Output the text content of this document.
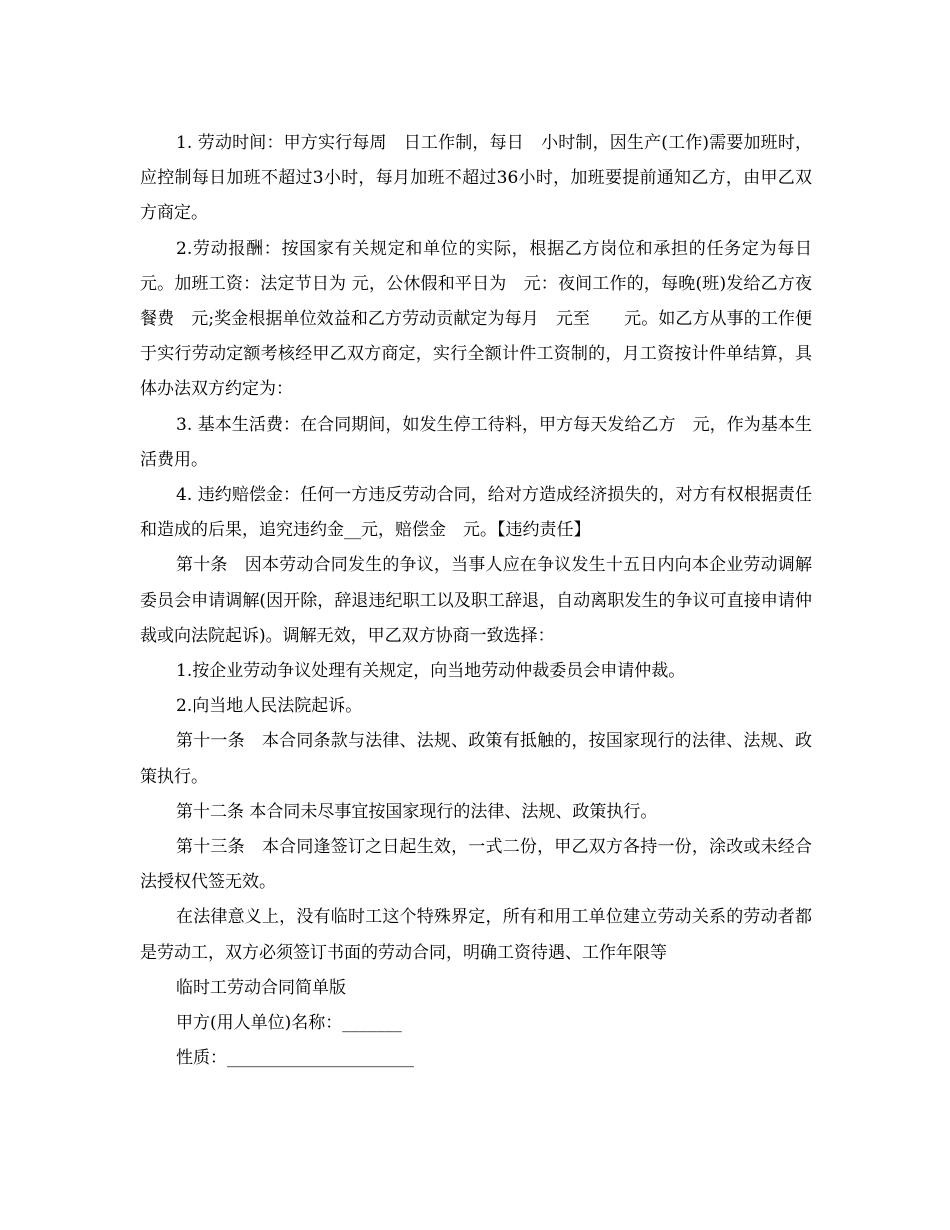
1. 劳动时间：甲方实行每周　日工作制，每日　小时制，因生产(工作)需要加班时，应控制每日加班不超过3小时，每月加班不超过36小时，加班要提前通知乙方，由甲乙双方商定。

2.劳动报酬：按国家有关规定和单位的实际，根据乙方岗位和承担的任务定为每日　元。加班工资：法定节日为 元，公休假和平日为　元：夜间工作的，每晚(班)发给乙方夜餐费　元;奖金根据单位效益和乙方劳动贡献定为每月　元至　　元。如乙方从事的工作便于实行劳动定额考核经甲乙双方商定，实行全额计件工资制的，月工资按计件单结算，具体办法双方约定为：

3. 基本生活费：在合同期间，如发生停工待料，甲方每天发给乙方　元，作为基本生活费用。

4. 违约赔偿金：任何一方违反劳动合同，给对方造成经济损失的，对方有权根据责任和造成的后果，追究违约金__元，赔偿金　元。【违约责任】

第十条　因本劳动合同发生的争议，当事人应在争议发生十五日内向本企业劳动调解委员会申请调解(因开除，辞退违纪职工以及职工辞退，自动离职发生的争议可直接申请仲裁或向法院起诉)。调解无效，甲乙双方协商一致选择：

1.按企业劳动争议处理有关规定，向当地劳动仲裁委员会申请仲裁。

2.向当地人民法院起诉。

第十一条　本合同条款与法律、法规、政策有抵触的，按国家现行的法律、法规、政策执行。

第十二条 本合同未尽事宜按国家现行的法律、法规、政策执行。

第十三条　本合同逢签订之日起生效，一式二份，甲乙双方各持一份，涂改或未经合法授权代签无效。

在法律意义上，没有临时工这个特殊界定，所有和用工单位建立劳动关系的劳动者都是劳动工，双方必须签订书面的劳动合同，明确工资待遇、工作年限等

临时工劳动合同简单版

甲方(用人单位)名称：_______

性质：______________________
